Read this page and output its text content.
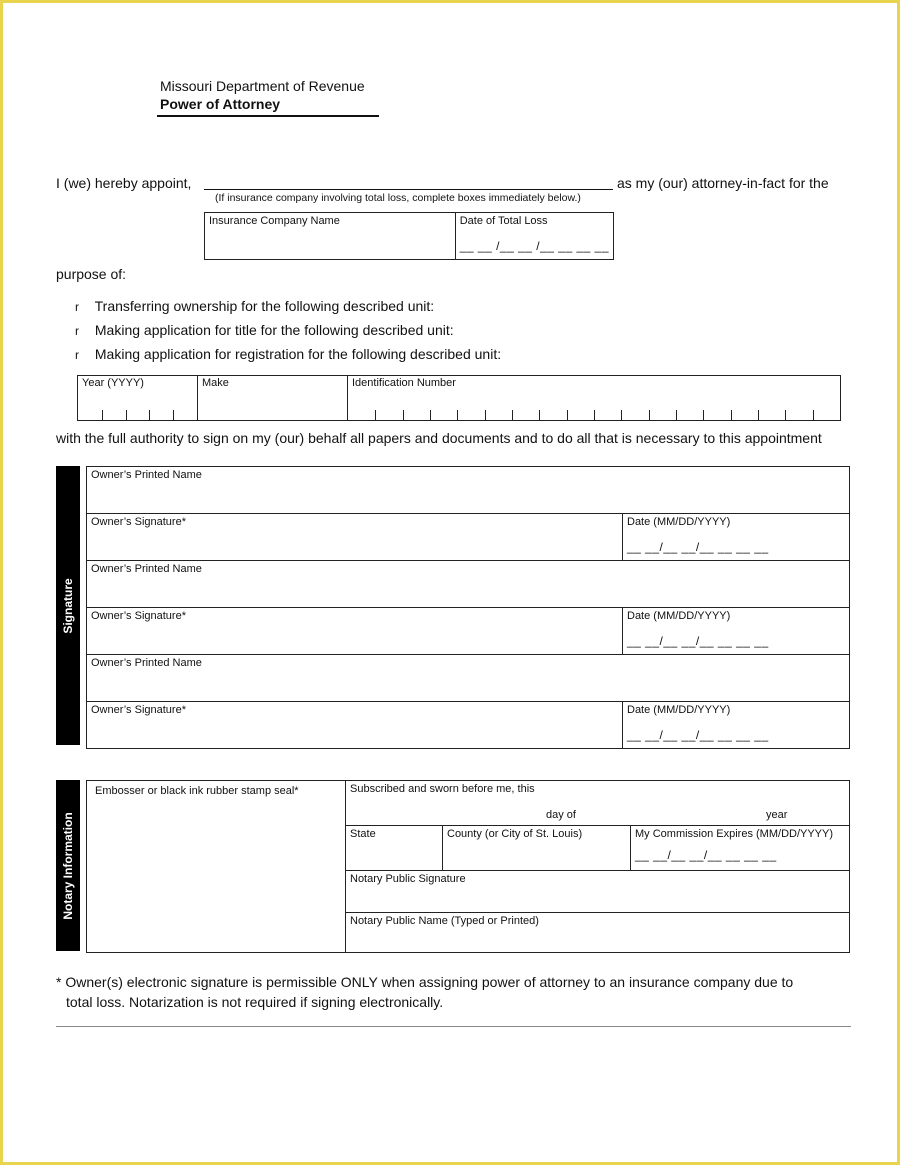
Missouri Department of Revenue
Power of Attorney
I (we) hereby appoint,	as my (our) attorney-in-fact for the
(If insurance company involving total loss, complete boxes immediately below.)
Insurance Company Name	Date of Total Loss
__ __ /__ __ /__ __ __ __
purpose of:
r Transferring ownership for the following described unit:
r Making application for title for the following described unit:
r Making application for registration for the following described unit:
Year (YYYY)	Make	Identification Number
with the full authority to sign on my (our) behalf all papers and documents and to do all that is necessary to this appointment
Signature
Owner’s Printed Name	
Owner’s Signature*	Date (MM/DD/YYYY)
__ __/__ __/__ __ __ __

Owner’s Printed Name	
Owner’s Signature*	Date (MM/DD/YYYY)
__ __/__ __/__ __ __ __

Owner’s Printed Name	
Owner’s Signature*	Date (MM/DD/YYYY)
__ __/__ __/__ __ __ __
Notary Information
Embosser or black ink rubber stamp seal*	Subscribed and sworn before me, this
day of year		

	State	County (or City of St. Louis)	My Commission Expires (MM/DD/YYYY)
__ __/__ __/__ __ __ __

	Notary Public Signature		
	Notary Public Name (Typed or Printed)		
* Owner(s) electronic signature is permissible ONLY when assigning power of attorney to an insurance company due to
total loss. Notarization is not required if signing electronically.
